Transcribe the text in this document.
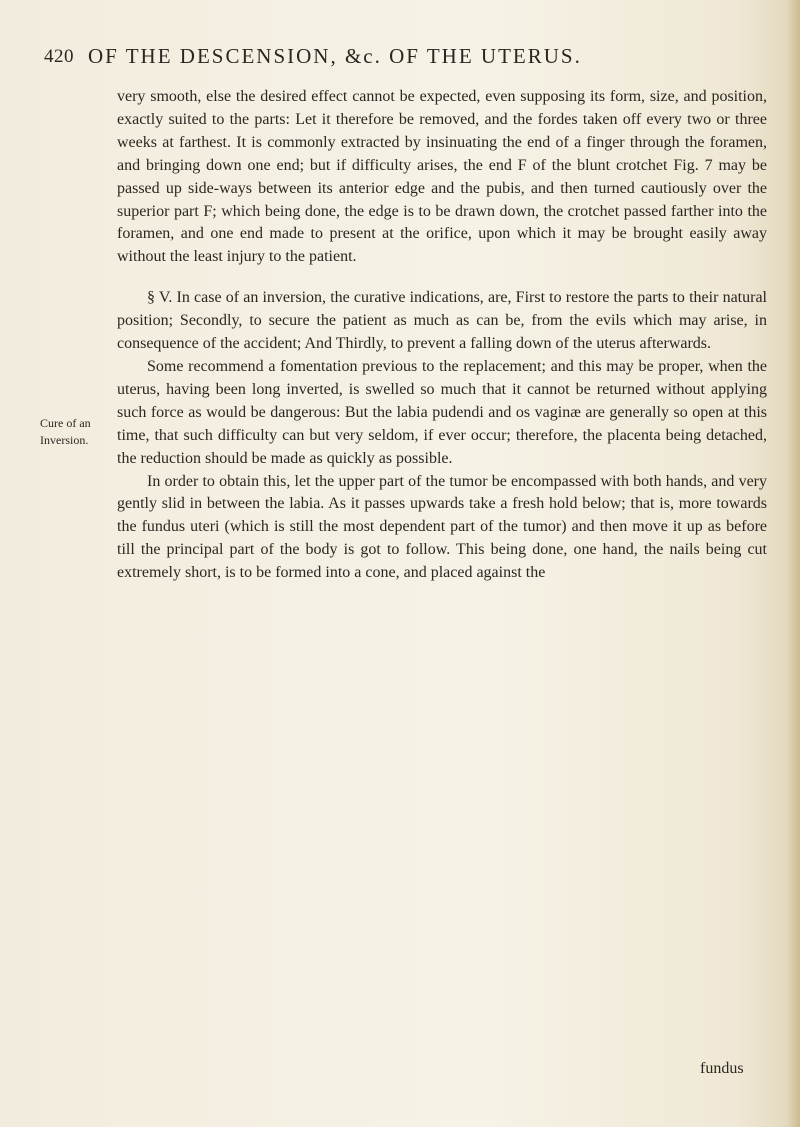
420 OF THE DESCENSION, &c. OF THE UTERUS.
Cure of an
Inversion.

very smooth, else the desired effect cannot be expected, even supposing its form, size, and position, exactly suited to the parts: Let it therefore be removed, and the fordes taken off every two or three weeks at farthest. It is commonly extracted by insinuating the end of a finger through the foramen, and bringing down one end; but if difficulty arises, the end F of the blunt crotchet Fig. 7 may be passed up side-ways between its anterior edge and the pubis, and then turned cautiously over the superior part F; which being done, the edge is to be drawn down, the crotchet passed farther into the foramen, and one end made to present at the orifice, upon which it may be brought easily away without the least injury to the patient.

§ V. In case of an inversion, the curative indications, are, First to restore the parts to their natural position; Secondly, to secure the patient as much as can be, from the evils which may arise, in consequence of the accident; And Thirdly, to prevent a falling down of the uterus afterwards.

Some recommend a fomentation previous to the replacement; and this may be proper, when the uterus, having been long inverted, is swelled so much that it cannot be returned without applying such force as would be dangerous: But the labia pudendi and os vaginæ are generally so open at this time, that such difficulty can but very seldom, if ever occur; therefore, the placenta being detached, the reduction should be made as quickly as possible.

In order to obtain this, let the upper part of the tumor be encompassed with both hands, and very gently slid in between the labia. As it passes upwards take a fresh hold below; that is, more towards the fundus uteri (which is still the most dependent part of the tumor) and then move it up as before till the principal part of the body is got to follow. This being done, one hand, the nails being cut extremely short, is to be formed into a cone, and placed against the

fundus
